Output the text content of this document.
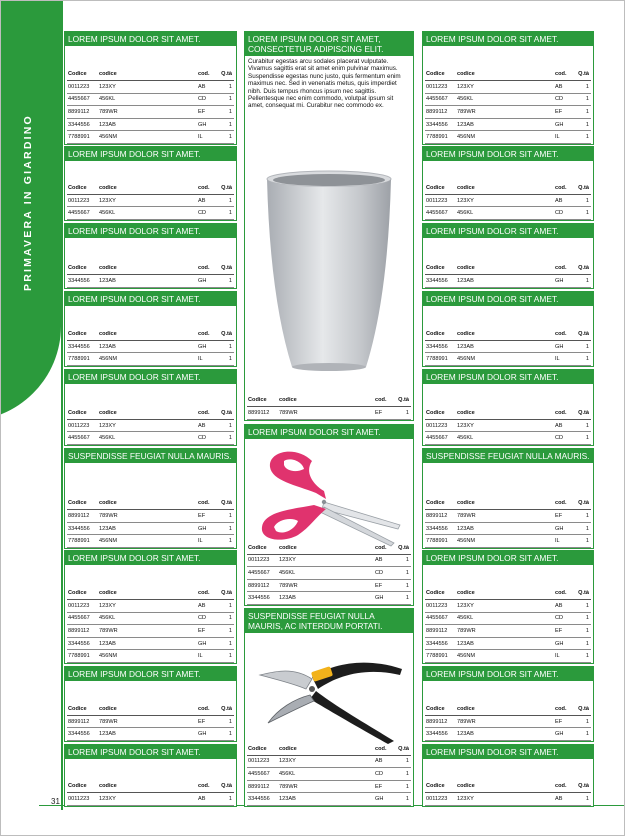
PRIMAVERA IN GIARDINO
31
LOREM IPSUM DOLOR SIT AMET.
Codice	codice	cod.	Q.tà
0011223	123XY	AB	1
4455667	456KL	CD	1
8899112	789WR	EF	1
3344556	123AB	GH	1
7788991	456NM	IL	1
LOREM IPSUM DOLOR SIT AMET.
Codice	codice	cod.	Q.tà
0011223	123XY	AB	1
4455667	456KL	CD	1
LOREM IPSUM DOLOR SIT AMET.
Codice	codice	cod.	Q.tà
3344556	123AB	GH	1
LOREM IPSUM DOLOR SIT AMET.
Codice	codice	cod.	Q.tà
3344556	123AB	GH	1
7788991	456NM	IL	1
LOREM IPSUM DOLOR SIT AMET.
Codice	codice	cod.	Q.tà
0011223	123XY	AB	1
4455667	456KL	CD	1
SUSPENDISSE FEUGIAT NULLA MAURIS.
Codice	codice	cod.	Q.tà
8899112	789WR	EF	1
3344556	123AB	GH	1
7788991	456NM	IL	1
LOREM IPSUM DOLOR SIT AMET.
Codice	codice	cod.	Q.tà
0011223	123XY	AB	1
4455667	456KL	CD	1
8899112	789WR	EF	1
3344556	123AB	GH	1
7788991	456NM	IL	1
LOREM IPSUM DOLOR SIT AMET.
Codice	codice	cod.	Q.tà
8899112	789WR	EF	1
3344556	123AB	GH	1
LOREM IPSUM DOLOR SIT AMET.
Codice	codice	cod.	Q.tà
0011223	123XY	AB	1
LOREM IPSUM DOLOR SIT AMET, CONSECTETUR ADIPISCING ELIT.
Curabitur egestas arcu sodales placerat vulputate. Vivamus sagittis erat sit amet enim pulvinar maximus. Suspendisse egestas nunc justo, quis fermentum enim maximus nec. Sed in venenatis metus, quis imperdiet nibh. Duis tempus rhoncus ipsum nec sagittis. Pellentesque nec enim commodo, volutpat ipsum sit amet, consequat mi. Curabitur nec commodo ex.
Codice	codice	cod.	Q.tà
8899112	789WR	EF	1
LOREM IPSUM DOLOR SIT AMET.
Codice	codice	cod.	Q.tà
0011223	123XY	AB	1
4455667	456KL	CD	1
8899112	789WR	EF	1
3344556	123AB	GH	1
SUSPENDISSE FEUGIAT NULLA MAURIS, AC INTERDUM PORTATI.
Codice	codice	cod.	Q.tà
0011223	123XY	AB	1
4455667	456KL	CD	1
8899112	789WR	EF	1
3344556	123AB	GH	1
LOREM IPSUM DOLOR SIT AMET.
Codice	codice	cod.	Q.tà
0011223	123XY	AB	1
4455667	456KL	CD	1
8899112	789WR	EF	1
3344556	123AB	GH	1
7788991	456NM	IL	1
LOREM IPSUM DOLOR SIT AMET.
Codice	codice	cod.	Q.tà
0011223	123XY	AB	1
4455667	456KL	CD	1
LOREM IPSUM DOLOR SIT AMET.
Codice	codice	cod.	Q.tà
3344556	123AB	GH	1
LOREM IPSUM DOLOR SIT AMET.
Codice	codice	cod.	Q.tà
3344556	123AB	GH	1
7788991	456NM	IL	1
LOREM IPSUM DOLOR SIT AMET.
Codice	codice	cod.	Q.tà
0011223	123XY	AB	1
4455667	456KL	CD	1
SUSPENDISSE FEUGIAT NULLA MAURIS.
Codice	codice	cod.	Q.tà
8899112	789WR	EF	1
3344556	123AB	GH	1
7788991	456NM	IL	1
LOREM IPSUM DOLOR SIT AMET.
Codice	codice	cod.	Q.tà
0011223	123XY	AB	1
4455667	456KL	CD	1
8899112	789WR	EF	1
3344556	123AB	GH	1
7788991	456NM	IL	1
LOREM IPSUM DOLOR SIT AMET.
Codice	codice	cod.	Q.tà
8899112	789WR	EF	1
3344556	123AB	GH	1
LOREM IPSUM DOLOR SIT AMET.
Codice	codice	cod.	Q.tà
0011223	123XY	AB	1
